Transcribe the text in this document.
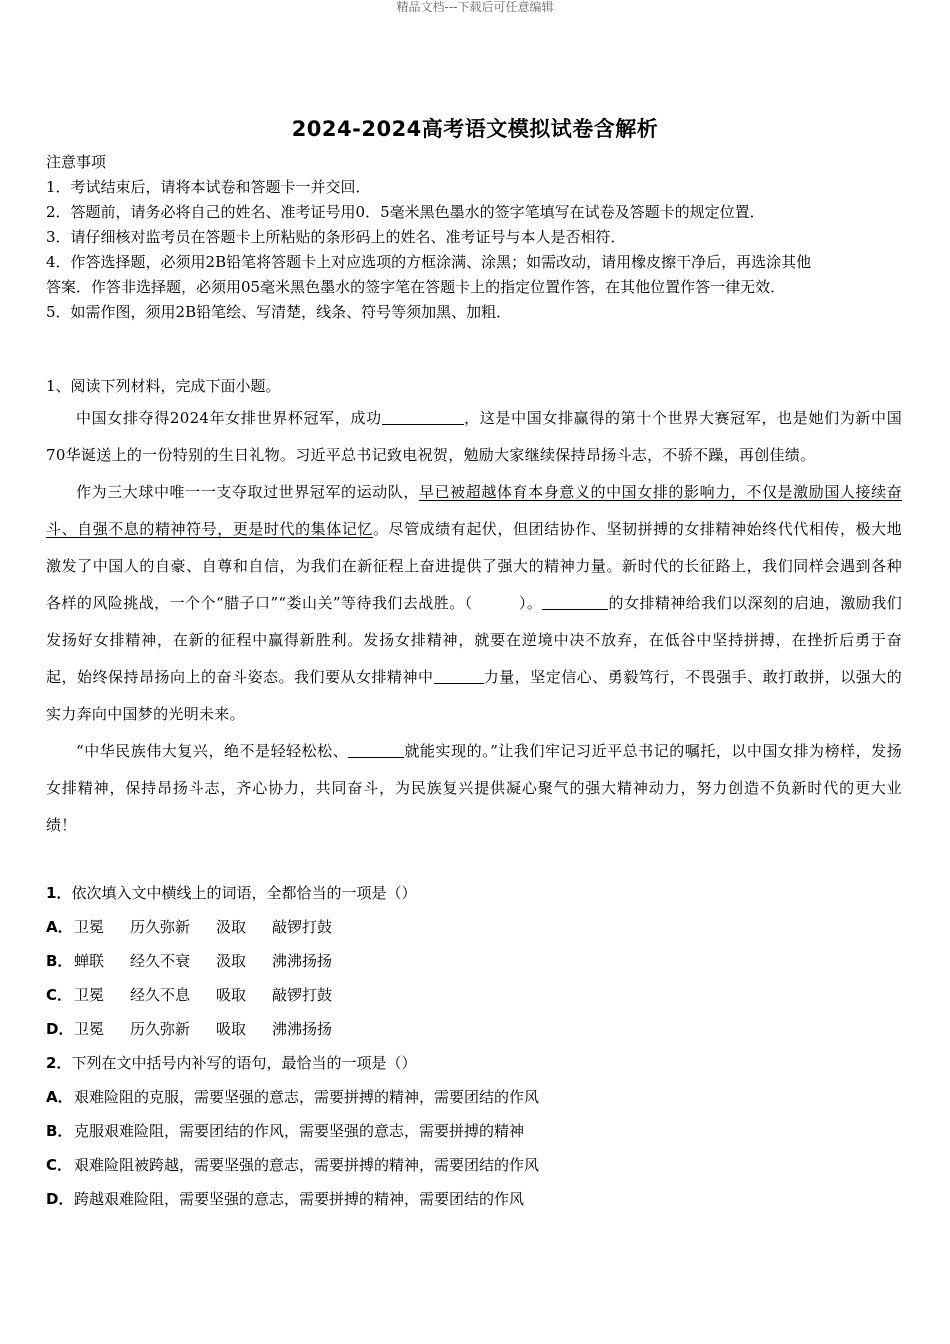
精品文档---下载后可任意编辑
2024-2024高考语文模拟试卷含解析
注意事项
1．考试结束后，请将本试卷和答题卡一并交回．
2．答题前，请务必将自己的姓名、准考证号用0．5毫米黑色墨水的签字笔填写在试卷及答题卡的规定位置．
3．请仔细核对监考员在答题卡上所粘贴的条形码上的姓名、准考证号与本人是否相符．
4．作答选择题，必须用2B铅笔将答题卡上对应选项的方框涂满、涂黑；如需改动，请用橡皮擦干净后，再选涂其他
答案．作答非选择题，必须用05毫米黑色墨水的签字笔在答题卡上的指定位置作答，在其他位置作答一律无效．
5．如需作图，须用2B铅笔绘、写清楚，线条、符号等须加黑、加粗．
1、阅读下列材料，完成下面小题。

中国女排夺得2024年女排世界杯冠军，成功	，这是中国女排赢得的第十个世界大赛冠军，也是她们为新中国70华诞送上的一份特别的生日礼物。习近平总书记致电祝贺，勉励大家继续保持昂扬斗志，不骄不躁，再创佳绩。

作为三大球中唯一一支夺取过世界冠军的运动队，早已被超越体育本身意义的中国女排的影响力，不仅是激励国人接续奋斗、自强不息的精神符号，更是时代的集体记忆。尽管成绩有起伏，但团结协作、坚韧拼搏的女排精神始终代代相传，极大地激发了中国人的自豪、自尊和自信，为我们在新征程上奋进提供了强大的精神力量。新时代的长征路上，我们同样会遇到各种各样的风险挑战，一个个“腊子口”“娄山关”等待我们去战胜。（　　　）。	的女排精神给我们以深刻的启迪，激励我们发扬好女排精神，在新的征程中赢得新胜利。发扬女排精神，就要在逆境中决不放弃，在低谷中坚持拼搏，在挫折后勇于奋起，始终保持昂扬向上的奋斗姿态。我们要从女排精神中	力量，坚定信心、勇毅笃行，不畏强手、敢打敢拼，以强大的实力奔向中国梦的光明未来。

“中华民族伟大复兴，绝不是轻轻松松、	就能实现的。”让我们牢记习近平总书记的嘱托，以中国女排为榜样，发扬女排精神，保持昂扬斗志，齐心协力，共同奋斗，为民族复兴提供凝心聚气的强大精神动力，努力创造不负新时代的更大业绩！

1．依次填入文中横线上的词语，全都恰当的一项是（）
A．卫冕 历久弥新 汲取 敲锣打鼓
B． 蝉联 经久不衰 汲取 沸沸扬扬
C． 卫冕 经久不息 吸取 敲锣打鼓
D．卫冕 历久弥新 吸取 沸沸扬扬
2．下列在文中括号内补写的语句，最恰当的一项是（）
A．艰难险阻的克服，需要坚强的意志，需要拼搏的精神，需要团结的作风
B． 克服艰难险阻，需要团结的作风，需要坚强的意志，需要拼搏的精神
C． 艰难险阻被跨越，需要坚强的意志，需要拼搏的精神，需要团结的作风
D．跨越艰难险阻，需要坚强的意志，需要拼搏的精神，需要团结的作风
